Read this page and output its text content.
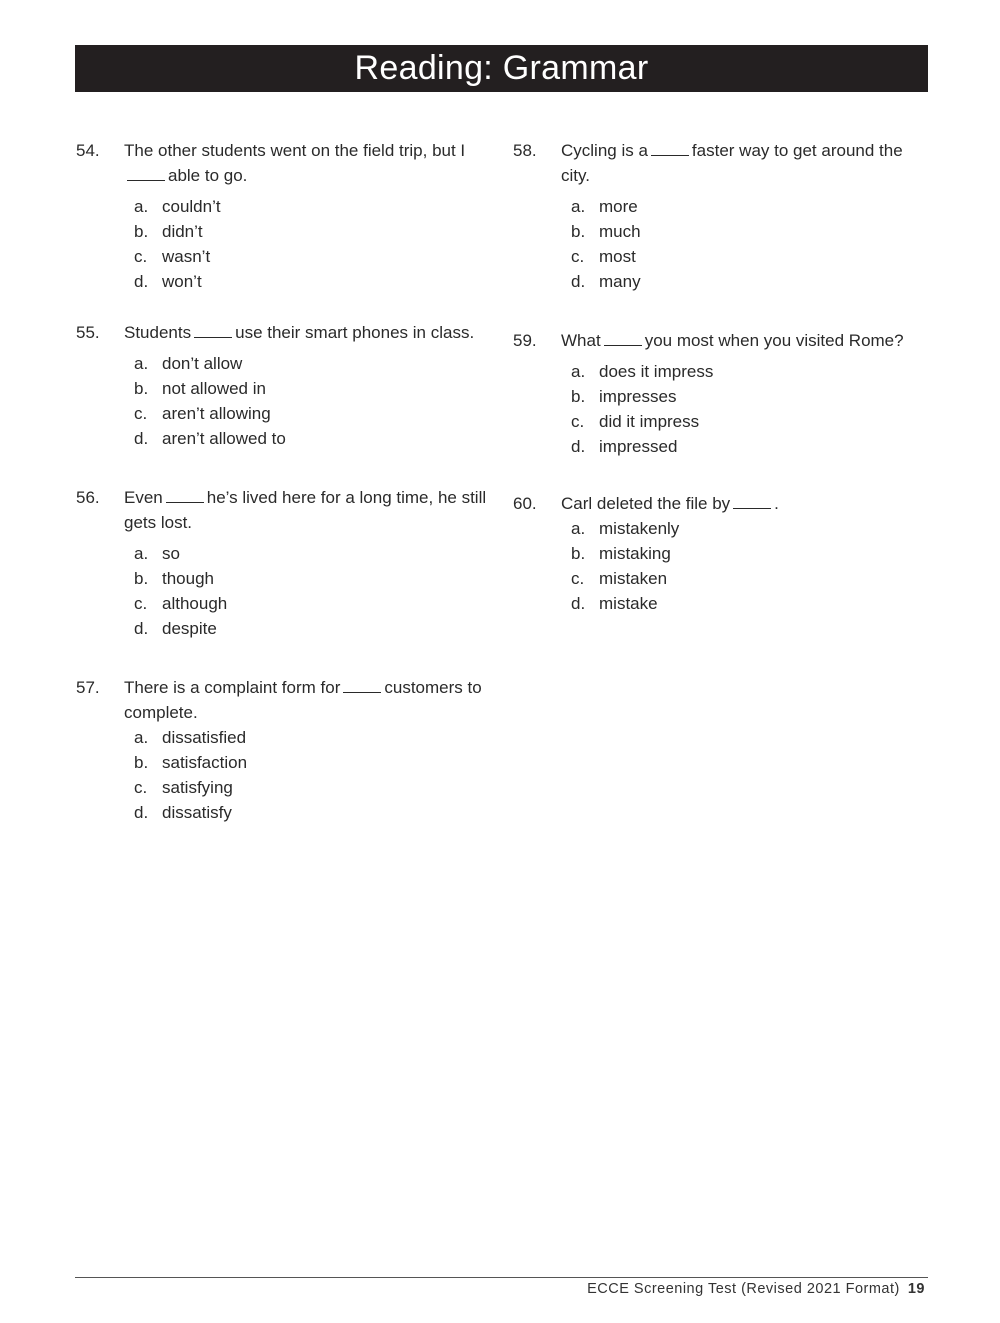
Reading: Grammar
54. The other students went on the field trip, but Iable to go.
a. couldn’t
b. didn’t
c. wasn’t
d. won’t
55. Students	use their smart phones in class.
a. don’t allow
b. not allowed in
c. aren’t allowing
d. aren’t allowed to
56. Even	he’s lived here for a long time, he still gets lost.
a. so
b. though
c. although
d. despite
57. There is a complaint form for	customers to complete.
a. dissatisfied
b. satisfaction
c. satisfying
d. dissatisfy
58. Cycling is a	faster way to get around the city.
a. more
b. much
c. most
d. many
59. What	you most when you visited Rome?
a. does it impress
b. impresses
c. did it impress
d. impressed
60. Carl deleted the file by	.
a. mistakenly
b. mistaking
c. mistaken
d. mistake
ECCE Screening Test (Revised 2021 Format) 19
